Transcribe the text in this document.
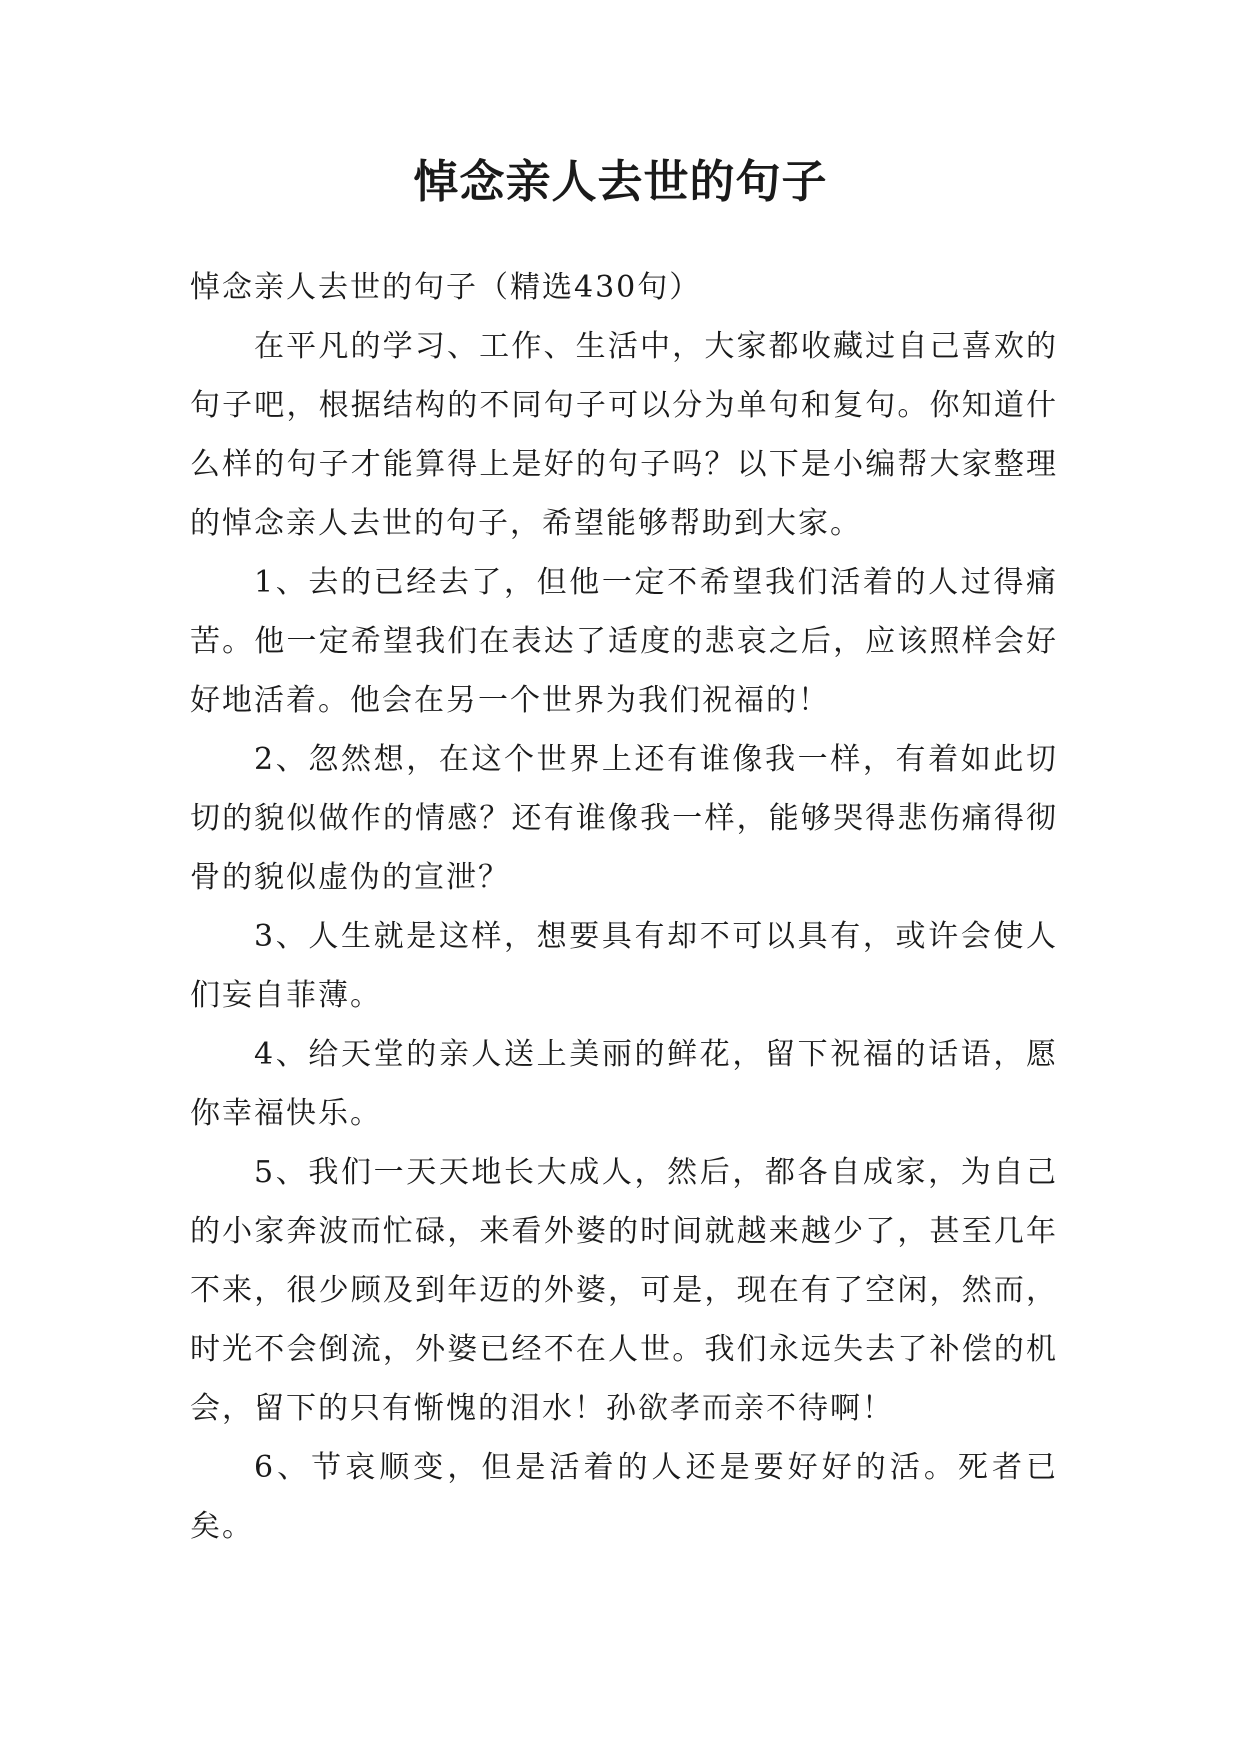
悼念亲人去世的句子

悼念亲人去世的句子（精选430句）

在平凡的学习、工作、生活中，大家都收藏过自己喜欢的句子吧，根据结构的不同句子可以分为单句和复句。你知道什么样的句子才能算得上是好的句子吗？以下是小编帮大家整理的悼念亲人去世的句子，希望能够帮助到大家。

1、去的已经去了，但他一定不希望我们活着的人过得痛苦。他一定希望我们在表达了适度的悲哀之后，应该照样会好好地活着。他会在另一个世界为我们祝福的！

2、忽然想，在这个世界上还有谁像我一样，有着如此切切的貌似做作的情感？还有谁像我一样，能够哭得悲伤痛得彻骨的貌似虚伪的宣泄？

3、人生就是这样，想要具有却不可以具有，或许会使人们妄自菲薄。

4、给天堂的亲人送上美丽的鲜花，留下祝福的话语，愿你幸福快乐。

5、我们一天天地长大成人，然后，都各自成家，为自己的小家奔波而忙碌，来看外婆的时间就越来越少了，甚至几年不来，很少顾及到年迈的外婆，可是，现在有了空闲，然而，时光不会倒流，外婆已经不在人世。我们永远失去了补偿的机会，留下的只有惭愧的泪水！孙欲孝而亲不待啊！

6、节哀顺变，但是活着的人还是要好好的活。死者已矣。
